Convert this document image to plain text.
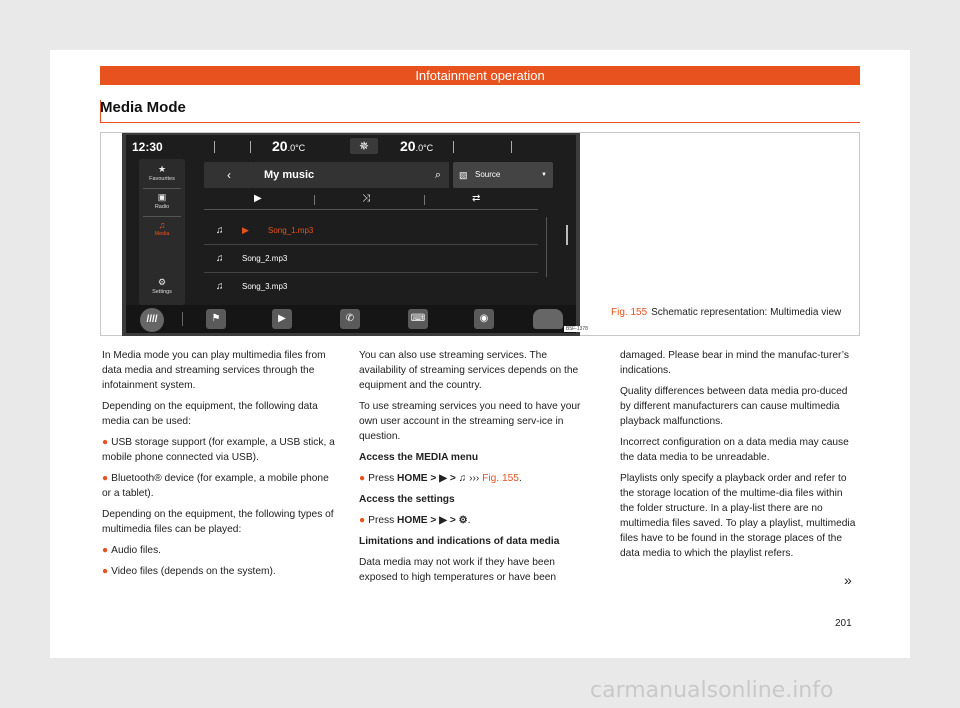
Infotainment operation
Media Mode
12:30	20.0°C	✵	20.0°C
★
Favourites
▣
Radio
♫
Media
⚙
Settings
‹	My music	⌕	▧ Source	▼
▶	⤨	⇄
♫ ▶ Song_1.mp3
♫ Song_2.mp3
♫ Song_3.mp3
////	⚑	▶	✆	⌨	◉
B5F-1378
Fig. 155 Schematic representation: Multimedia view

In Media mode you can play multimedia files from data media and streaming services through the infotainment system.

Depending on the equipment, the following data media can be used:

● USB storage support (for example, a USB stick, a mobile phone connected via USB).

● Bluetooth® device (for example, a mobile phone or a tablet).

Depending on the equipment, the following types of multimedia files can be played:

● Audio files.

● Video files (depends on the system).

You can also use streaming services. The availability of streaming services depends on the equipment and the country.

To use streaming services you need to have your own user account in the streaming serv-ice in question.

Access the MEDIA menu

● Press HOME > ▶ > ♫ ››› Fig. 155.

Access the settings

● Press HOME > ▶ > ⚙.

Limitations and indications of data media

Data media may not work if they have been exposed to high temperatures or have been

damaged. Please bear in mind the manufac-turer’s indications.

Quality differences between data media pro-duced by different manufacturers can cause multimedia playback malfunctions.

Incorrect configuration on a data media may cause the data media to be unreadable.

Playlists only specify a playback order and refer to the storage location of the multime-dia files within the folder structure. In a play-list there are no multimedia files saved. To play a playlist, multimedia files have to be found in the storage places of the data media to which the playlist refers.

»
201
carmanualsonline.info
